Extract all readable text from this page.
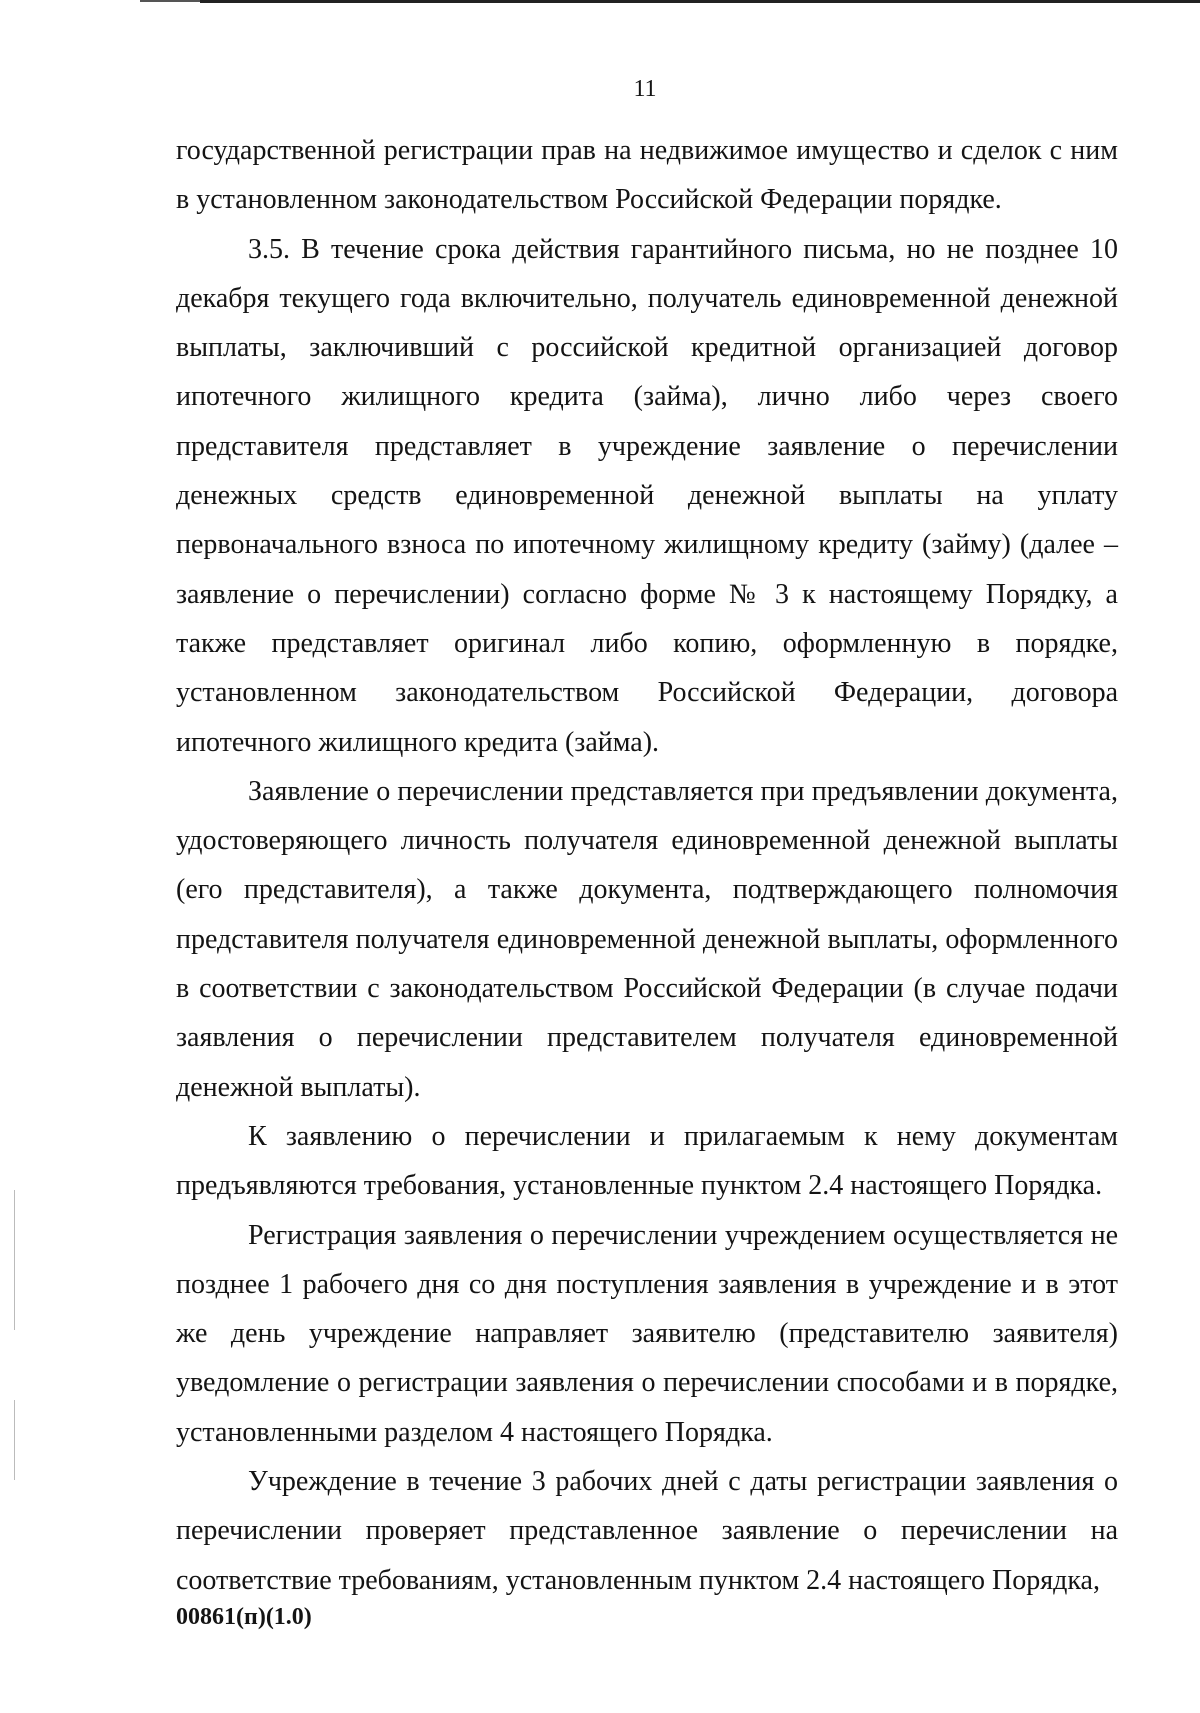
11

государственной регистрации прав на недвижимое имущество и сделок с ним в установленном законодательством Российской Федерации порядке.

3.5. В течение срока действия гарантийного письма, но не позднее 10 декабря текущего года включительно, получатель единовременной денежной выплаты, заключивший с российской кредитной организацией договор ипотечного жилищного кредита (займа), лично либо через своего представителя представляет в учреждение заявление о перечислении денежных средств единовременной денежной выплаты на уплату первоначального взноса по ипотечному жилищному кредиту (займу) (далее – заявление о перечислении) согласно форме № 3 к настоящему Порядку, а также представляет оригинал либо копию, оформленную в порядке, установленном законодательством Российской Федерации, договора ипотечного жилищного кредита (займа).

Заявление о перечислении представляется при предъявлении документа, удостоверяющего личность получателя единовременной денежной выплаты (его представителя), а также документа, подтверждающего полномочия представителя получателя единовременной денежной выплаты, оформленного в соответствии с законодательством Российской Федерации (в случае подачи заявления о перечислении представителем получателя единовременной денежной выплаты).

К заявлению о перечислении и прилагаемым к нему документам предъявляются требования, установленные пунктом 2.4 настоящего Порядка.

Регистрация заявления о перечислении учреждением осуществляется не позднее 1 рабочего дня со дня поступления заявления в учреждение и в этот же день учреждение направляет заявителю (представителю заявителя) уведомление о регистрации заявления о перечислении способами и в порядке, установленными разделом 4 настоящего Порядка.

Учреждение в течение 3 рабочих дней с даты регистрации заявления о перечислении проверяет представленное заявление о перечислении на соответствие требованиям, установленным пунктом 2.4 настоящего Порядка,

00861(п)(1.0)
